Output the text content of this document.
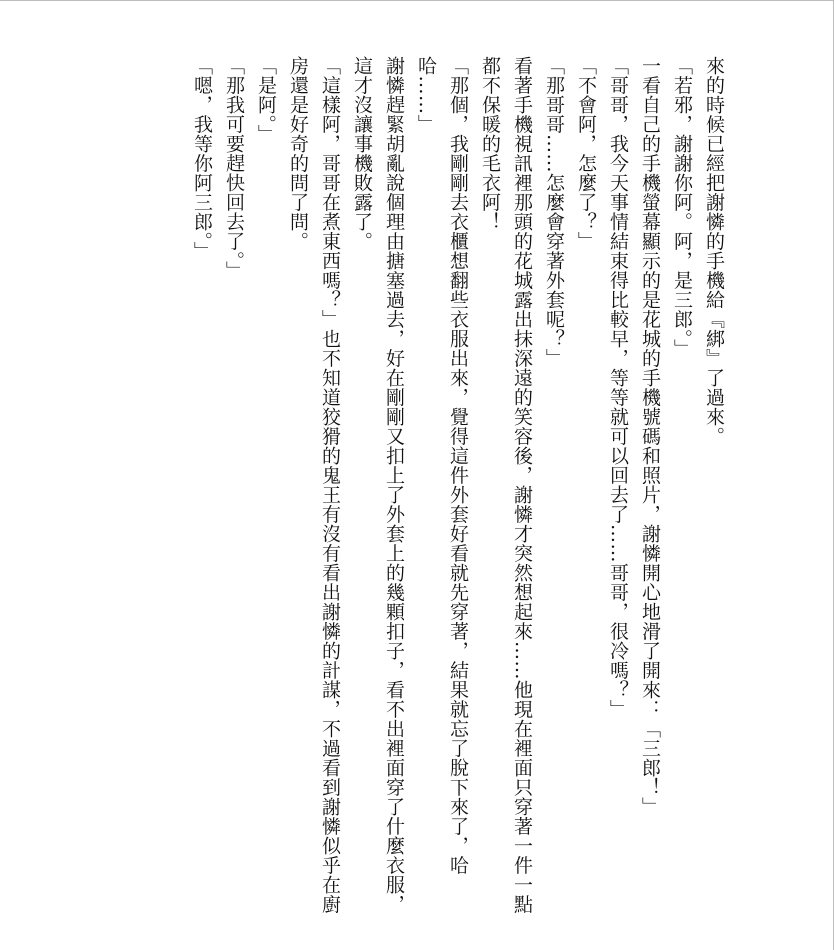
來的時候已經把謝憐的手機給『綁』了過來。

「若邪，謝謝你阿。阿，是三郎。」

一看自己的手機螢幕顯示的是花城的手機號碼和照片，謝憐開心地滑了開來：「三郎！」

「哥哥，我今天事情結束得比較早，等等就可以回去了……哥哥，很冷嗎？」

「不會阿，怎麼了？」

「那哥哥……怎麼會穿著外套呢？」

看著手機視訊裡那頭的花城露出抹深遠的笑容後，謝憐才突然想起來……他現在裡面只穿著一件一點都不保暖的毛衣阿！

「那個，我剛剛去衣櫃想翻些衣服出來，覺得這件外套好看就先穿著，結果就忘了脫下來了，哈哈……」

謝憐趕緊胡亂說個理由搪塞過去，好在剛剛又扣上了外套上的幾顆扣子，看不出裡面穿了什麼衣服，這才沒讓事機敗露了。

「這樣阿，哥哥在煮東西嗎？」也不知道狡猾的鬼王有沒有看出謝憐的計謀，不過看到謝憐似乎在廚房還是好奇的問了問。

「是阿。」

「那我可要趕快回去了。」

「嗯，我等你阿三郎。」
